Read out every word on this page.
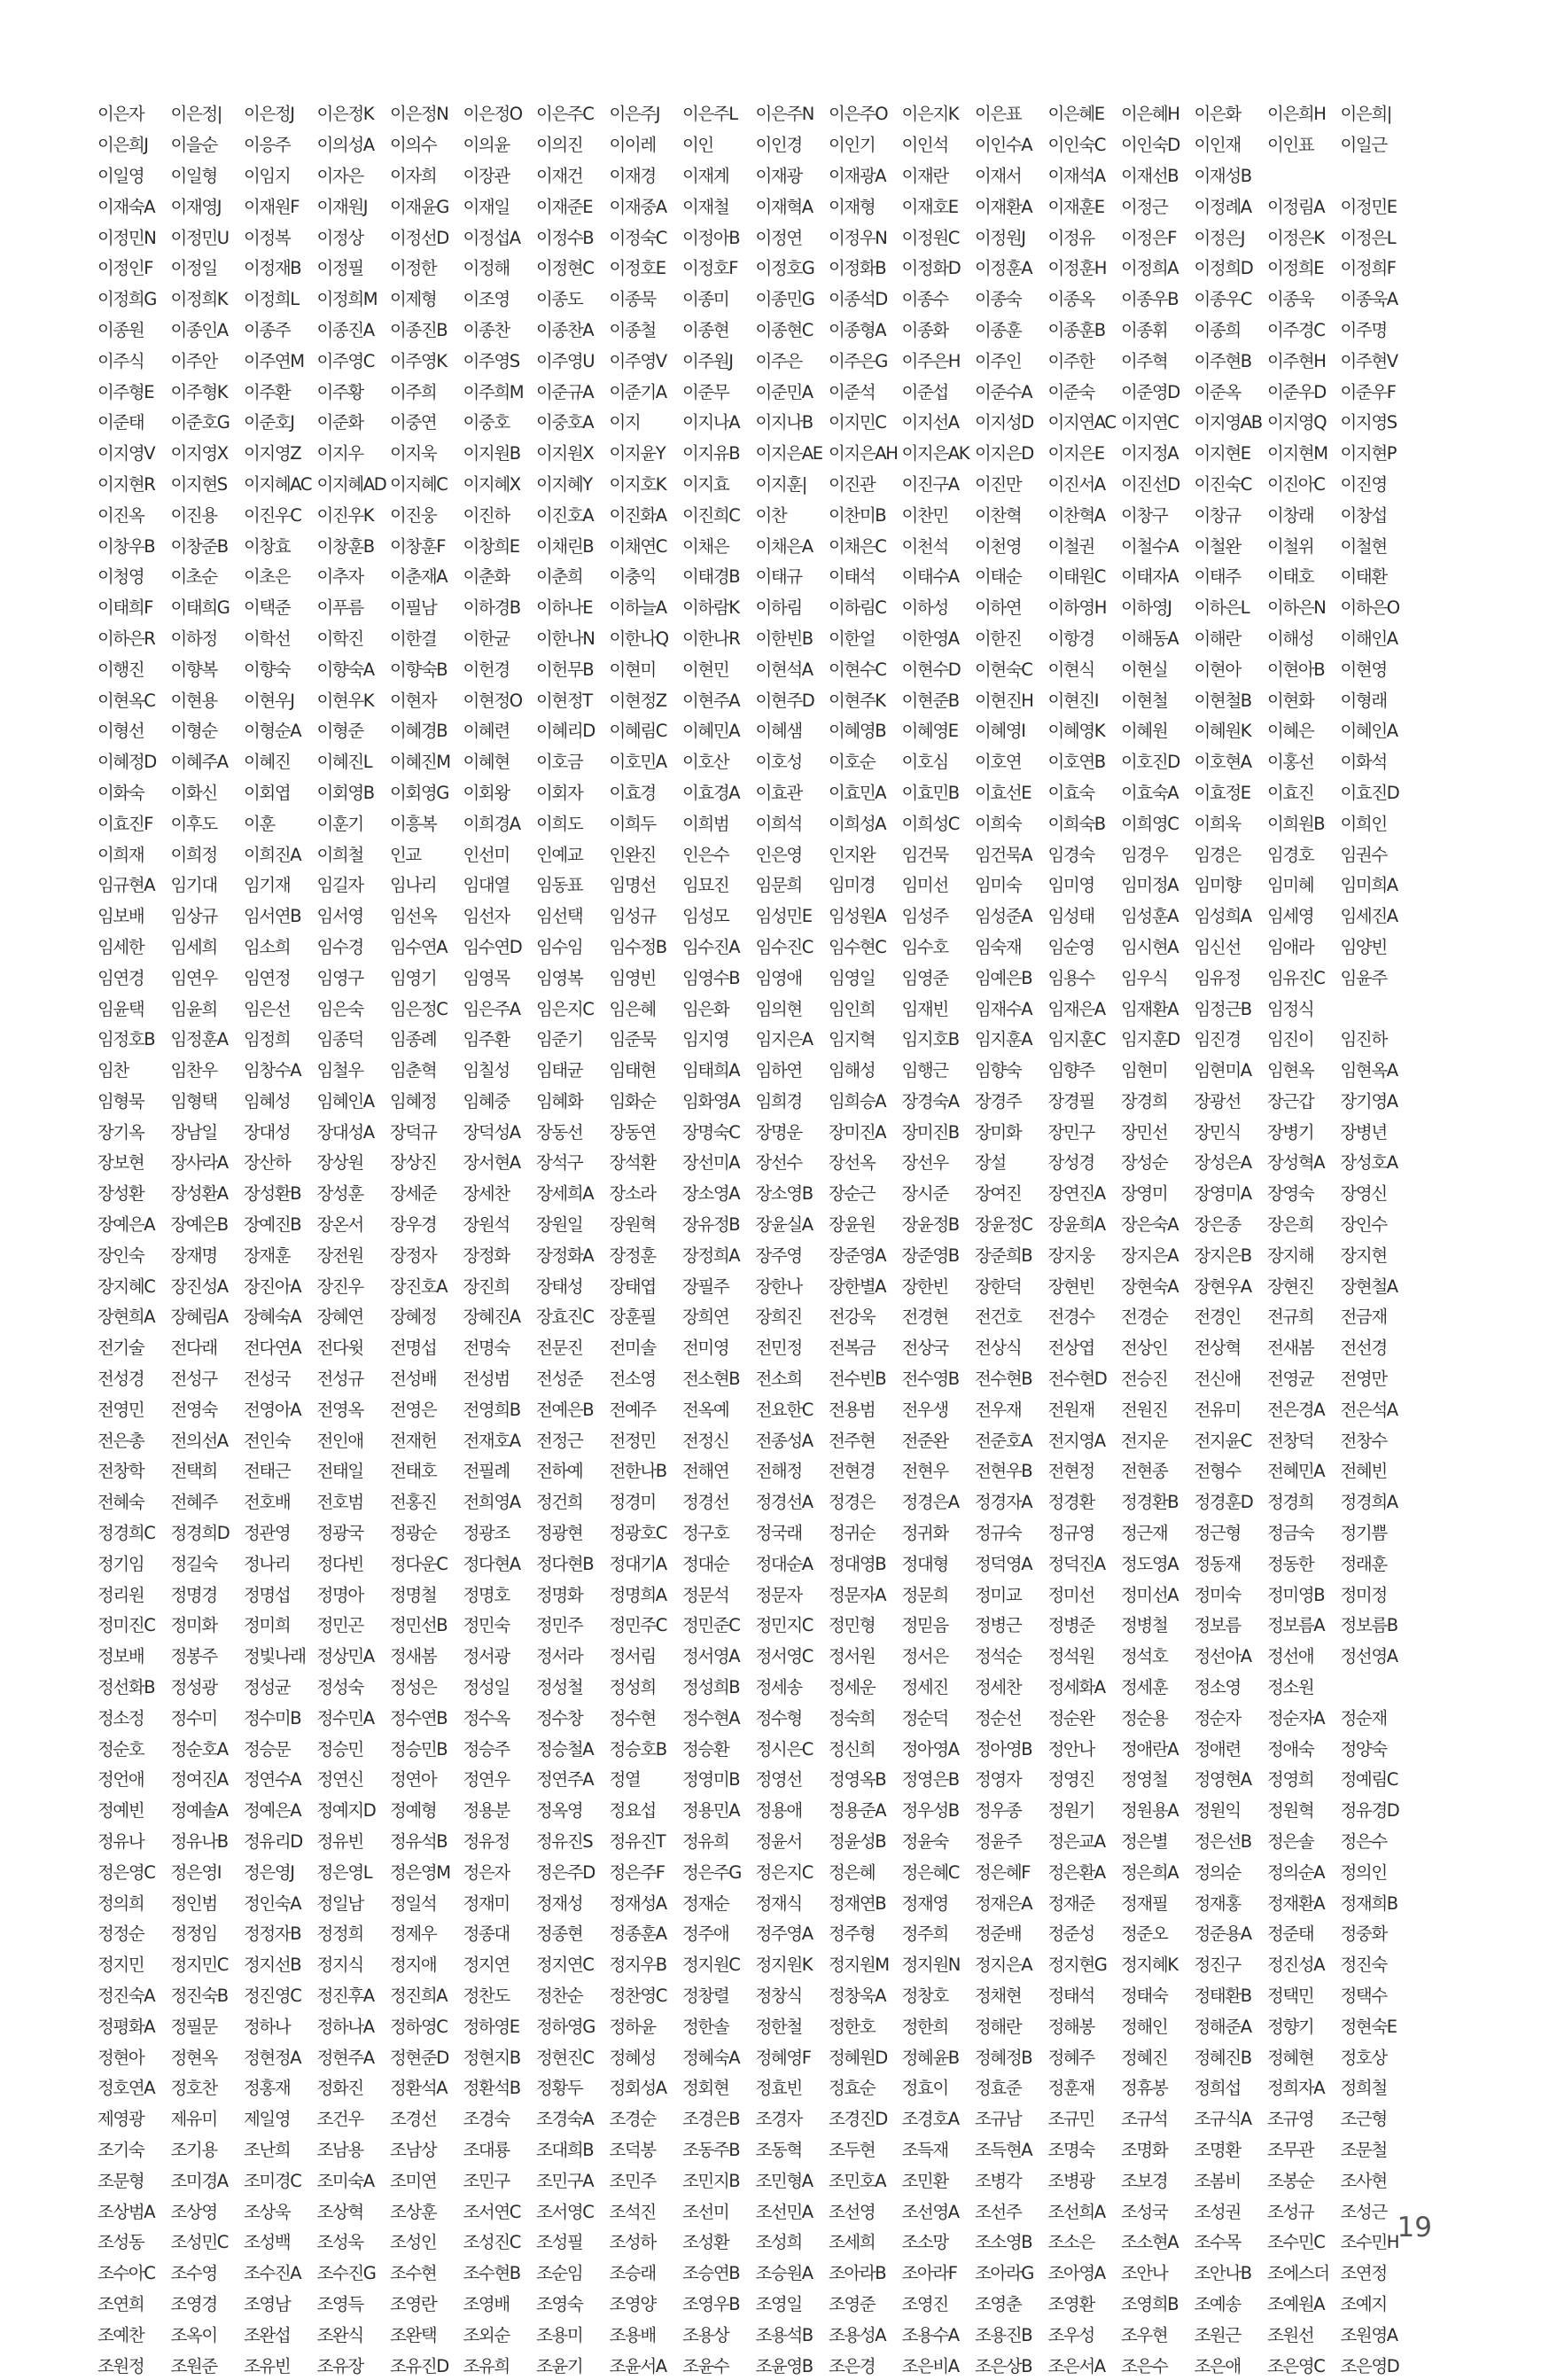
이은자	이은정|	이은정J	이은정K 이은정N 이은정O 이은주C 이은주J	이은주L	이은주N 이은주O 이은지K 이은표	이은혜E 이은혜H 이은화	이은희H 이은희|
이은희J	이을순	이응주	이의성A 이의수	이의윤	이의진	이이레	이인	이인경	이인기	이인석	이인수A 이인숙C 이인숙D 이인재	이인표	이일근
이일영	이일형	이임지	이자은	이자희	이장관	이재건	이재경	이재계	이재광	이재광A 이재란	이재서	이재석A 이재선B 이재성B
이재숙A 이재영J	이재원F	이재원J	이재윤G 이재일	이재준E 이재중A 이재철	이재혁A 이재형	이재호E 이재환A 이재훈E 이정근	이정례A 이정림A 이정민E
이정민N 이정민U 이정복	이정상	이정선D 이정섭A 이정수B 이정숙C 이정아B 이정연	이정우N 이정원C 이정원J	이정유	이정은F	이정은J	이정은K 이정은L
이정인F	이정일	이정재B 이정필	이정한	이정해	이정현C 이정호E 이정호F	이정호G 이정화B 이정화D 이정훈A 이정훈H 이정희A 이정희D 이정희E 이정희F
이정희G 이정희K 이정희L	이정희M 이제형	이조영	이종도	이종묵	이종미	이종민G 이종석D 이종수	이종숙	이종옥	이종우B 이종우C 이종욱	이종욱A
이종원	이종인A 이종주	이종진A 이종진B 이종찬	이종찬A 이종철	이종현	이종현C 이종형A 이종화	이종훈	이종훈B 이종휘	이종희	이주경C 이주명
이주식	이주안	이주연M 이주영C 이주영K 이주영S 이주영U 이주영V 이주원J	이주은	이주은G 이주은H 이주인	이주한	이주혁	이주현B 이주현H 이주현V
이주형E 이주형K 이주환	이주황	이주희	이주희M 이준규A 이준기A 이준무	이준민A 이준석	이준섭	이준수A 이준숙	이준영D 이준옥	이준우D 이준우F
이준태	이준호G 이준호J	이준화	이중연	이중호	이중호A 이지	이지나A 이지나B 이지민C 이지선A 이지성D 이지연AC 이지연C 이지영AB 이지영Q 이지영S
이지영V 이지영X 이지영Z 이지우	이지욱	이지원B 이지원X 이지윤Y	이지유B 이지은AE 이지은AH 이지은AK 이지은D 이지은E 이지정A 이지현E 이지현M 이지현P
이지현R 이지현S 이지혜AC 이지혜AD 이지혜C 이지혜X 이지혜Y	이지호K 이지효	이지훈|	이진관	이진구A 이진만	이진서A 이진선D 이진숙C 이진아C 이진영
이진옥	이진용	이진우C 이진우K 이진웅	이진하	이진호A 이진화A 이진희C 이찬	이찬미B 이찬민	이찬혁	이찬혁A 이창구	이창규	이창래	이창섭
이창우B 이창준B 이창효	이창훈B 이창훈F	이창희E 이채린B 이채연C 이채은	이채은A 이채은C 이천석	이천영	이철권	이철수A 이철완	이철위	이철현
이청영	이초순	이초은	이추자	이춘재A 이춘화	이춘희	이충익	이태경B 이태규	이태석	이태수A 이태순	이태원C 이태자A 이태주	이태호	이태환
이태희F	이태희G 이택준	이푸름	이필남	이하경B 이하나E 이하늘A 이하람K 이하림	이하림C 이하성	이하연	이하영H 이하영J	이하은L	이하은N 이하은O
이하은R 이하정	이학선	이학진	이한결	이한균	이한나N 이한나Q 이한나R 이한빈B 이한얼	이한영A 이한진	이항경	이해동A 이해란	이해성	이해인A
이행진	이향복	이향숙	이향숙A 이향숙B 이헌경	이헌무B 이현미	이현민	이현석A 이현수C 이현수D 이현숙C 이현식	이현실	이현아	이현아B 이현영
이현옥C 이현용	이현우J	이현우K 이현자	이현정O 이현정T	이현정Z 이현주A 이현주D 이현주K 이현준B 이현진H 이현진I	이현철	이현철B 이현화	이형래
이형선	이형순	이형순A 이형준	이혜경B 이혜련	이혜리D 이혜림C 이혜민A 이혜샘	이혜영B 이혜영E 이혜영I	이혜영K 이혜원	이혜원K 이혜은	이혜인A
이혜정D 이혜주A 이혜진	이혜진L	이혜진M 이혜현	이호금	이호민A 이호산	이호성	이호순	이호심	이호연	이호연B 이호진D 이호현A 이홍선	이화석
이화숙	이화신	이회엽	이회영B 이회영G 이회왕	이회자	이효경	이효경A 이효관	이효민A 이효민B 이효선E 이효숙	이효숙A 이효정E 이효진	이효진D
이효진F	이후도	이훈	이훈기	이흥복	이희경A 이희도	이희두	이희범	이희석	이희성A 이희성C 이희숙	이희숙B 이희영C 이희욱	이희원B 이희인
이희재	이희정	이희진A 이희철	인교	인선미	인예교	인완진	인은수	인은영	인지완	임건묵	임건묵A 임경숙	임경우	임경은	임경호	임권수
임규현A 임기대	임기재	임길자	임나리	임대열	임동표	임명선	임묘진	임문희	임미경	임미선	임미숙	임미영	임미정A 임미향	임미혜	임미희A
임보배	임상규	임서연B 임서영	임선옥	임선자	임선택	임성규	임성모	임성민E 임성원A 임성주	임성준A 임성태	임성훈A 임성희A 임세영	임세진A
임세한	임세희	임소희	임수경	임수연A 임수연D 임수임	임수정B 임수진A 임수진C 임수현C 임수호	임숙재	임순영	임시현A 임신선	임애라	임양빈
임연경	임연우	임연정	임영구	임영기	임영목	임영복	임영빈	임영수B 임영애	임영일	임영준	임예은B 임용수	임우식	임유정	임유진C 임윤주
임윤택	임윤희	임은선	임은숙	임은정C 임은주A 임은지C 임은혜	임은화	임의현	임인희	임재빈	임재수A 임재은A 임재환A 임정근B 임정식
임정호B 임정훈A 임정희	임종덕	임종례	임주환	임준기	임준묵	임지영	임지은A 임지혁	임지호B 임지훈A 임지훈C 임지훈D 임진경	임진이	임진하
임찬	임찬우	임창수A 임철우	임춘혁	임칠성	임태균	임태현	임태희A 임하연	임해성	임행근	임향숙	임향주	임현미	임현미A 임현옥	임현옥A
임형묵	임형택	임혜성	임혜인A 임혜정	임혜중	임혜화	임화순	임화영A 임희경	임희승A 장경숙A 장경주	장경필	장경희	장광선	장근갑	장기영A
장기옥	장남일	장대성	장대성A 장덕규	장덕성A 장동선	장동연	장명숙C 장명운	장미진A 장미진B 장미화	장민구	장민선	장민식	장병기	장병년
장보현	장사라A 장산하	장상원	장상진	장서현A 장석구	장석환	장선미A 장선수	장선옥	장선우	장설	장성경	장성순	장성은A 장성혁A 장성호A
장성환	장성환A 장성환B 장성훈	장세준	장세찬	장세희A 장소라	장소영A 장소영B 장순근	장시준	장여진	장연진A 장영미	장영미A 장영숙	장영신
장예은A 장예은B 장예진B 장온서	장우경	장원석	장원일	장원혁	장유정B 장윤실A 장윤원	장윤정B 장윤정C 장윤희A 장은숙A 장은종	장은희	장인수
장인숙	장재명	장재훈	장전원	장정자	장정화	장정화A 장정훈	장정희A 장주영	장준영A 장준영B 장준희B 장지웅	장지은A 장지은B 장지해	장지현
장지혜C 장진성A 장진아A 장진우	장진호A 장진희	장태성	장태엽	장필주	장한나	장한별A 장한빈	장한덕	장현빈	장현숙A 장현우A 장현진	장현철A
장현희A 장혜림A 장혜숙A 장혜연	장혜정	장혜진A 장효진C 장훈필	장희연	장희진	전강욱	전경현	전건호	전경수	전경순	전경인	전규희	전금재
전기술	전다래	전다연A 전다윗	전명섭	전명숙	전문진	전미솔	전미영	전민정	전복금	전상국	전상식	전상엽	전상인	전상혁	전새봄	전선경
전성경	전성구	전성국	전성규	전성배	전성범	전성준	전소영	전소현B 전소희	전수빈B 전수영B 전수현B 전수현D 전승진	전신애	전영균	전영만
전영민	전영숙	전영아A 전영옥	전영은	전영희B 전예은B 전예주	전옥예	전요한C 전용범	전우생	전우재	전원재	전원진	전유미	전은경A 전은석A
전은총	전의선A 전인숙	전인애	전재헌	전재호A 전정근	전정민	전정신	전종성A 전주현	전준완	전준호A 전지영A 전지운	전지윤C 전창덕	전창수
전창학	전택희	전태근	전태일	전태호	전필례	전하예	전한나B 전해연	전해정	전현경	전현우	전현우B 전현정	전현종	전형수	전혜민A 전혜빈
전혜숙	전혜주	전호배	전호범	전홍진	전희영A 정건희	정경미	정경선	정경선A 정경은	정경은A 정경자A 정경환	정경환B 정경훈D 정경희	정경희A
정경희C 정경희D 정관영	정광국	정광순	정광조	정광현	정광호C 정구호	정국래	정귀순	정귀화	정규숙	정규영	정근재	정근형	정금숙	정기쁨
정기임	정길숙	정나리	정다빈	정다운C 정다현A 정다현B 정대기A 정대순	정대순A 정대영B 정대형	정덕영A 정덕진A 정도영A 정동재	정동한	정래훈
정리원	정명경	정명섭	정명아	정명철	정명호	정명화	정명희A 정문석	정문자	정문자A 정문희	정미교	정미선	정미선A 정미숙	정미영B 정미정
정미진C 정미화	정미희	정민곤	정민선B 정민숙	정민주	정민주C 정민준C 정민지C 정민형	정믿음	정병근	정병준	정병철	정보름	정보름A 정보름B
정보배	정봉주	정빛나래 정상민A 정새봄	정서광	정서라	정서림	정서영A 정서영C 정서원	정서은	정석순	정석원	정석호	정선아A 정선애	정선영A
정선화B 정성광	정성균	정성숙	정성은	정성일	정성철	정성희	정성희B 정세송	정세운	정세진	정세찬	정세화A 정세훈	정소영	정소원
정소정	정수미	정수미B 정수민A 정수연B 정수옥	정수창	정수현	정수현A 정수형	정숙희	정순덕	정순선	정순완	정순용	정순자	정순자A 정순재
정순호	정순호A 정승문	정승민	정승민B 정승주	정승철A 정승호B 정승환	정시은C 정신희	정아영A 정아영B 정안나	정애란A 정애련	정애숙	정양숙
정언애	정여진A 정연수A 정연신	정연아	정연우	정연주A 정열	정영미B 정영선	정영옥B 정영은B 정영자	정영진	정영철	정영현A 정영희	정예림C
정예빈	정예솔A 정예은A 정예지D 정예형	정용분	정옥영	정요섭	정용민A 정용애	정용준A 정우성B 정우종	정원기	정원용A 정원익	정원혁	정유경D
정유나	정유나B 정유리D 정유빈	정유석B 정유정	정유진S 정유진T	정유희	정윤서	정윤성B 정윤숙	정윤주	정은교A 정은별	정은선B 정은솔	정은수
정은영C 정은영I	정은영J	정은영L	정은영M 정은자	정은주D 정은주F	정은주G 정은지C 정은혜	정은혜C 정은혜F	정은환A 정은희A 정의순	정의순A 정의인
정의희	정인범	정인숙A 정일남	정일석	정재미	정재성	정재성A 정재순	정재식	정재연B 정재영	정재은A 정재준	정재필	정재홍	정재환A 정재희B
정정순	정정임	정정자B 정정희	정제우	정종대	정종현	정종훈A 정주애	정주영A 정주형	정주희	정준배	정준성	정준오	정준용A 정준태	정중화
정지민	정지민C 정지선B 정지식	정지애	정지연	정지연C 정지우B 정지원C 정지원K 정지원M 정지원N 정지은A 정지현G 정지혜K 정진구	정진성A 정진숙
정진숙A 정진숙B 정진영C 정진후A 정진희A 정찬도	정찬순	정찬영C 정창렬	정창식	정창욱A 정창호	정채현	정태석	정태숙	정태환B 정택민	정택수
정평화A 정필문	정하나	정하나A 정하영C 정하영E 정하영G 정하윤	정한솔	정한철	정한호	정한희	정해란	정해봉	정해인	정해준A 정향기	정현숙E
정현아	정현옥	정현정A 정현주A 정현준D 정현지B 정현진C 정혜성	정혜숙A 정혜영F	정혜원D 정혜윤B 정혜정B 정혜주	정혜진	정혜진B 정혜현	정호상
정호연A 정호찬	정홍재	정화진	정환석A 정환석B 정황두	정회성A 정회현	정효빈	정효순	정효이	정효준	정훈재	정휴봉	정희섭	정희자A 정희철
제영광	제유미	제일영	조건우	조경선	조경숙	조경숙A 조경순	조경은B 조경자	조경진D 조경호A 조규남	조규민	조규석	조규식A 조규영	조근형
조기숙	조기용	조난희	조남용	조남상	조대룡	조대희B 조덕봉	조동주B 조동혁	조두현	조득재	조득현A 조명숙	조명화	조명환	조무관	조문철
조문형	조미경A 조미경C 조미숙A 조미연	조민구	조민구A 조민주	조민지B 조민형A 조민호A 조민환	조병각	조병광	조보경	조봄비	조봉순	조사현
조상범A 조상영	조상욱	조상혁	조상훈	조서연C 조서영C 조석진	조선미	조선민A 조선영	조선영A 조선주	조선희A 조성국	조성권	조성규	조성근
조성동	조성민C 조성백	조성욱	조성인	조성진C 조성필	조성하	조성환	조성희	조세희	조소망	조소영B 조소은	조소현A 조수목	조수민C 조수민H
조수아C 조수영	조수진A 조수진G 조수현	조수현B 조순임	조승래	조승연B 조승원A 조아라B 조아라F	조아라G 조아영A 조안나	조안나B 조에스더 조연정
조연희	조영경	조영남	조영득	조영란	조영배	조영숙	조영양	조영우B 조영일	조영준	조영진	조영춘	조영환	조영희B 조예송	조예원A 조예지
조예찬	조옥이	조완섭	조완식	조완택	조외순	조용미	조용배	조용상	조용석B 조용성A 조용수A 조용진B 조우성	조우현	조원근	조원선	조원영A
조원정	조원준	조유빈	조유장	조유진D 조유희	조윤기	조윤서A 조윤수	조윤영B 조은경	조은비A 조은상B 조은서A 조은수	조은애	조은영C 조은영D
19
